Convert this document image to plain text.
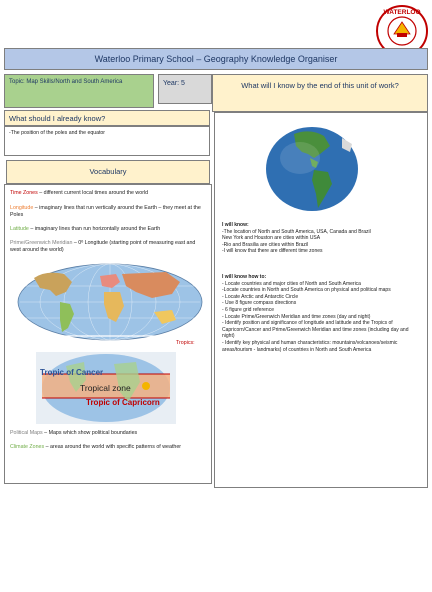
WATERLOO
Waterloo Primary School – Geography Knowledge Organiser
Topic: Map Skills/North and South America	Year: 5	What will I know by the end of this unit of work?
What should I already know?
-The position of the poles and the equator
Vocabulary
Time Zones – different current local times around the world
Longitude – imaginary lines that run vertically around the Earth – they meet at the Poles
Latitude – imaginary lines than run horizontally around the Earth
Prime/Greenwich Meridian – 0º Longitude (starting point of measuring east and west around the world)
Tropics:
Tropic of Cancer
Tropical zone
Tropic of Capricorn
Political Maps – Maps which show political boundaries
Climate Zones – areas around the world with specific patterns of weather
I will know:
-The location of North and South America, USA, Canada and Brazil
New York and Houston are cities within USA
-Rio and Brasilia are cities within Brazil
-I will know that there are different time zones
I will know how to:
- Locate countries and major cities of North and South America
-Locate countries in North and South America on physical and political maps
- Locate Arctic and Antarctic Circle
- Use 8 figure compass directions
- 6 figure grid reference
- Locate Prime/Greenwich Meridian and time zones (day and night)
- Identify position and significance of longitude and latitude and the Tropics of Capricorn/Cancer and Prime/Greenwich Meridian and time zones (including day and night)
- Identify key physical and human characteristics: mountains/volcanoes/seismic areas/tourism - landmarks) of countries in North and South America
